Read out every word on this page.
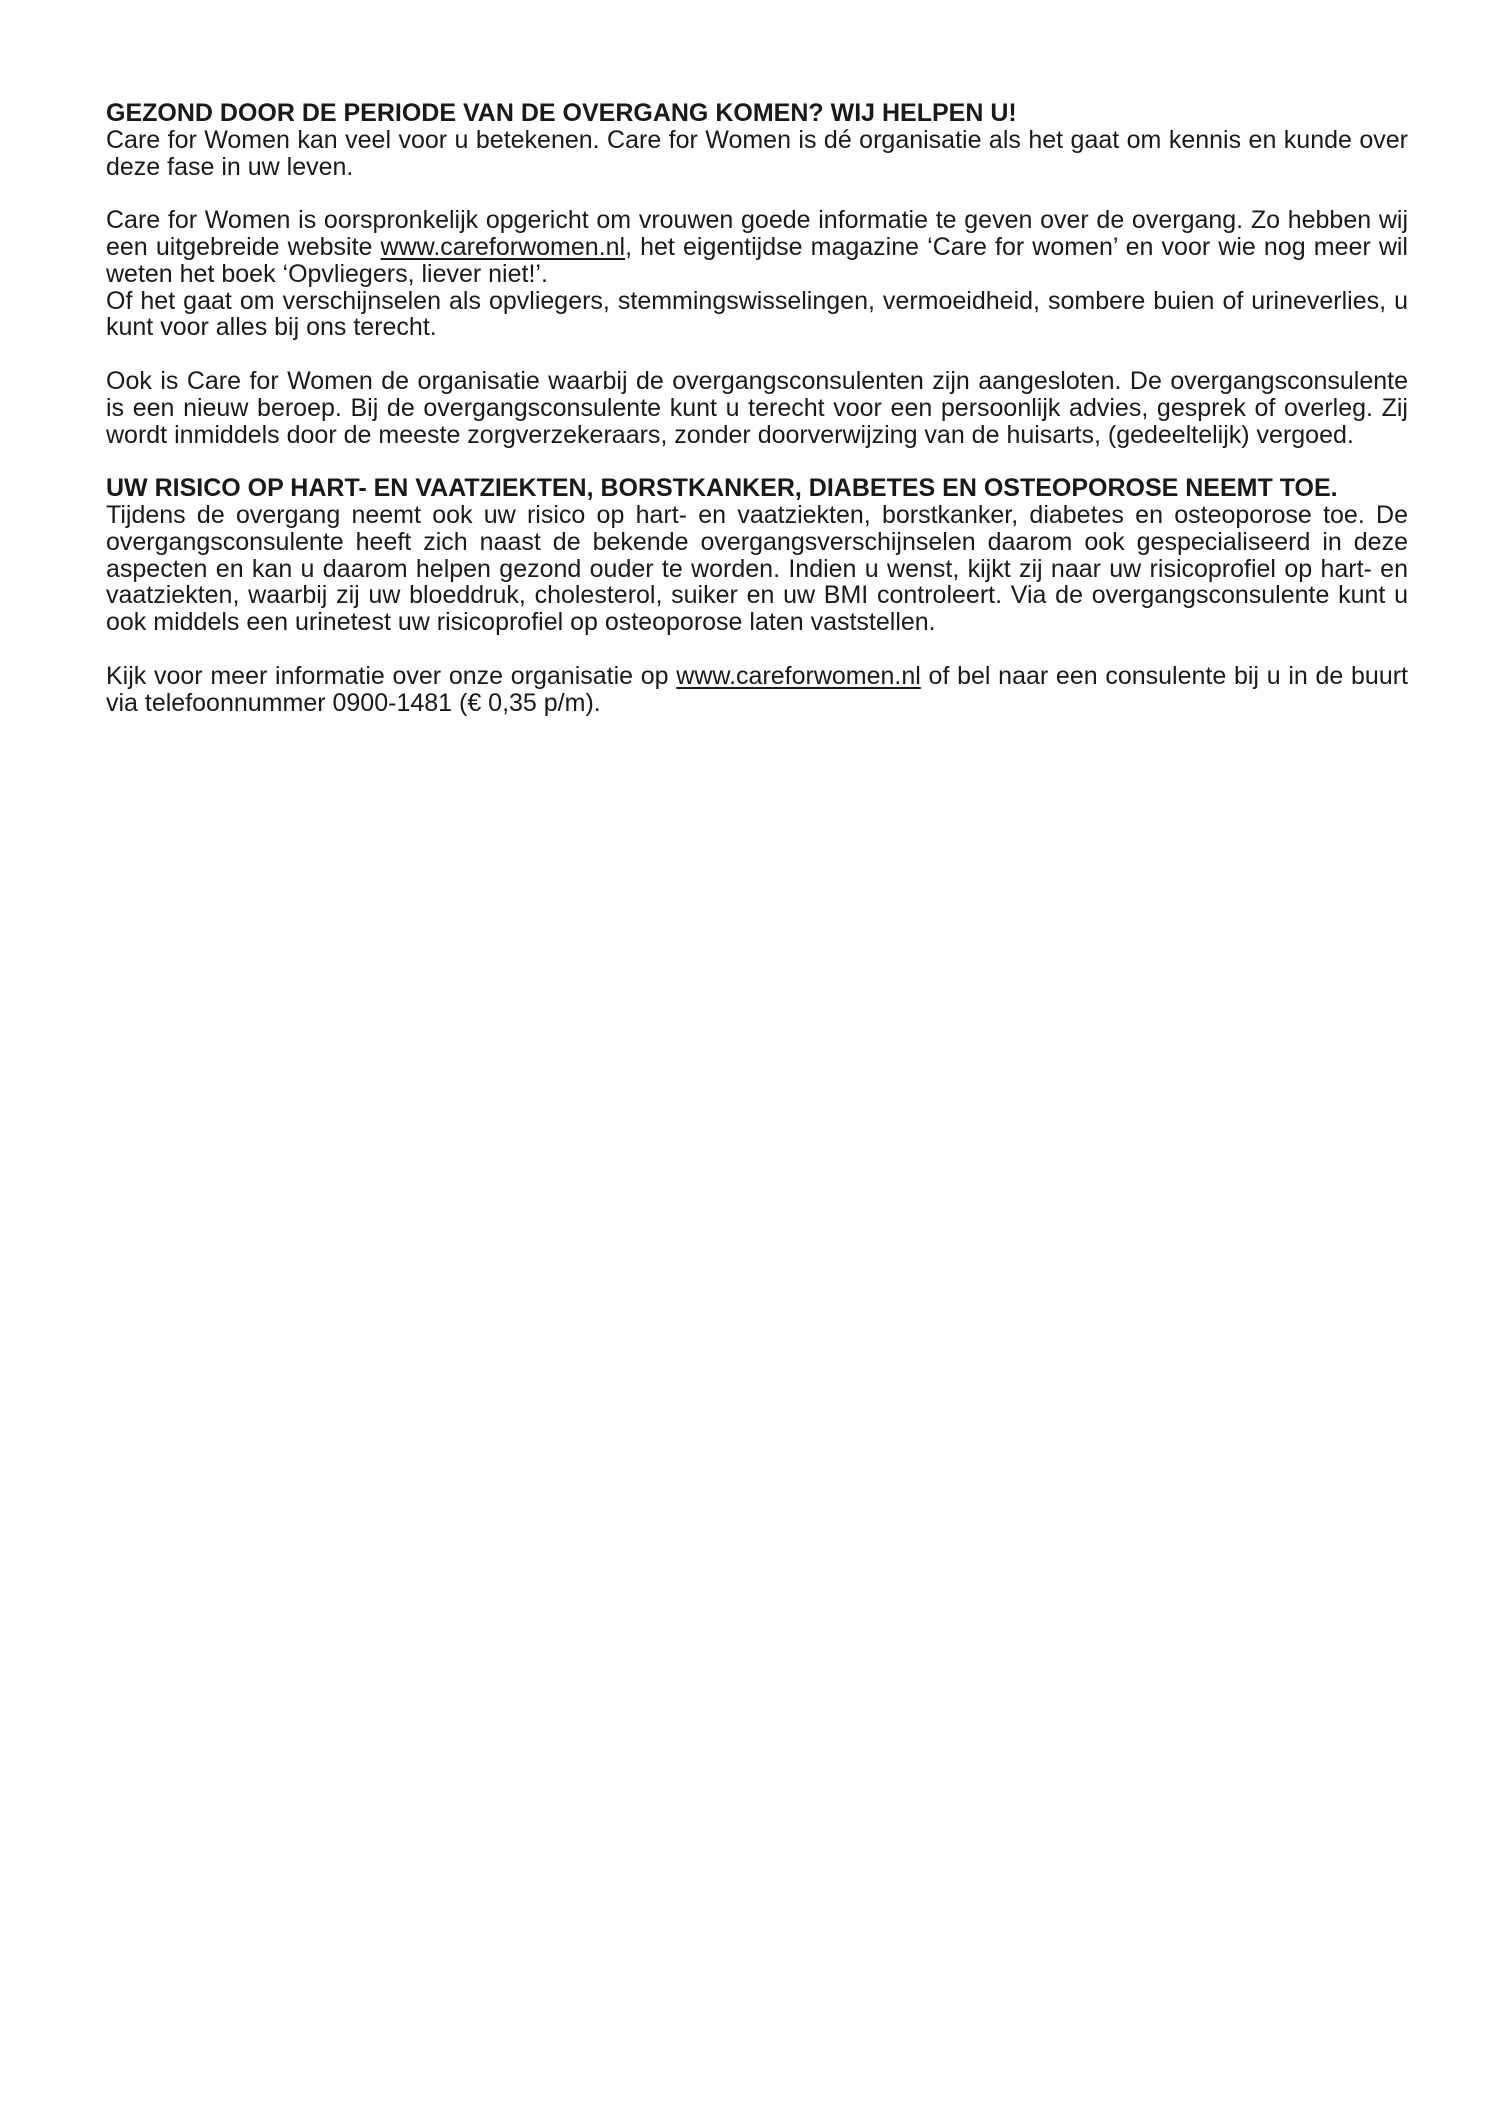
GEZOND DOOR DE PERIODE VAN DE OVERGANG KOMEN? WIJ HELPEN U!

Care for Women kan veel voor u betekenen. Care for Women is dé organisatie als het gaat om kennis en kunde over deze fase in uw leven.

Care for Women is oorspronkelijk opgericht om vrouwen goede informatie te geven over de overgang. Zo hebben wij een uitgebreide website www.careforwomen.nl, het eigentijdse magazine ‘Care for women’ en voor wie nog meer wil weten het boek ‘Opvliegers, liever niet!’.

Of het gaat om verschijnselen als opvliegers, stemmingswisselingen, vermoeidheid, sombere buien of urineverlies, u kunt voor alles bij ons terecht.

Ook is Care for Women de organisatie waarbij de overgangsconsulenten zijn aangesloten. De overgangsconsulente is een nieuw beroep. Bij de overgangsconsulente kunt u terecht voor een persoonlijk advies, gesprek of overleg. Zij wordt inmiddels door de meeste zorgverzekeraars, zonder doorverwijzing van de huisarts, (gedeeltelijk) vergoed.

UW RISICO OP HART- EN VAATZIEKTEN, BORSTKANKER, DIABETES EN OSTEOPOROSE NEEMT TOE.

Tijdens de overgang neemt ook uw risico op hart- en vaatziekten, borstkanker, diabetes en osteoporose toe. De overgangsconsulente heeft zich naast de bekende overgangsverschijnselen daarom ook gespecialiseerd in deze aspecten en kan u daarom helpen gezond ouder te worden. Indien u wenst, kijkt zij naar uw risicoprofiel op hart- en vaatziekten, waarbij zij uw bloeddruk, cholesterol, suiker en uw BMI controleert. Via de overgangsconsulente kunt u ook middels een urinetest uw risicoprofiel op osteoporose laten vaststellen.

Kijk voor meer informatie over onze organisatie op www.careforwomen.nl of bel naar een consulente bij u in de buurt via telefoonnummer 0900-1481 (€ 0,35 p/m).
